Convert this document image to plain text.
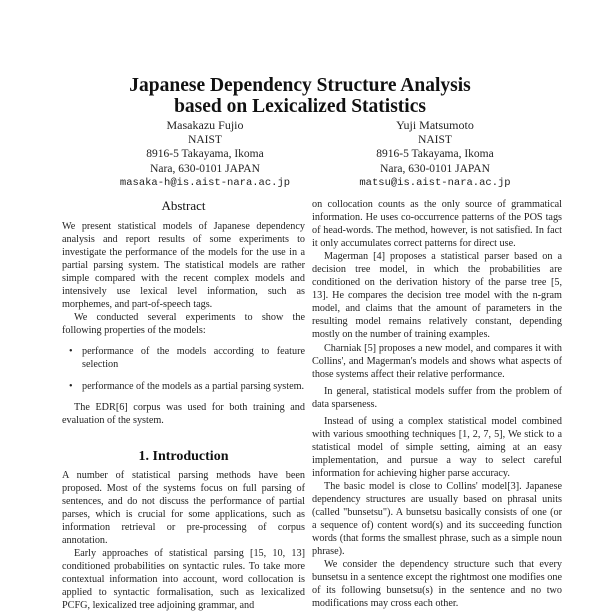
Japanese Dependency Structure Analysis
based on Lexicalized Statistics
Masakazu Fujio
NAIST
8916-5 Takayama, Ikoma
Nara, 630-0101 JAPAN
masaka-h@is.aist-nara.ac.jp
Yuji Matsumoto
NAIST
8916-5 Takayama, Ikoma
Nara, 630-0101 JAPAN
matsu@is.aist-nara.ac.jp
Abstract

We present statistical models of Japanese dependency analysis and report results of some experiments to investigate the performance of the models for the use in a partial parsing system. The statistical models are rather simple compared with the recent complex models and intensively use lexical level information, such as morphemes, and part-of-speech tags.

We conducted several experiments to show the following properties of the models:

• performance of the models according to feature selection
• performance of the models as a partial parsing system.

The EDR[6] corpus was used for both training and evaluation of the system.

1. Introduction

A number of statistical parsing methods have been proposed. Most of the systems focus on full parsing of sentences, and do not discuss the performance of partial parses, which is crucial for some applications, such as information retrieval or pre-processing of corpus annotation.

Early approaches of statistical parsing [15, 10, 13] conditioned probabilities on syntactic rules. To take more contextual information into account, word collocation is applied to syntactic formalisation, such as lexicalized PCFG, lexicalized tree adjoining grammar, and

on collocation counts as the only source of grammatical information. He uses co-occurrence patterns of the POS tags of head-words. The method, however, is not satisfied. In fact it only accumulates correct patterns for direct use.

Magerman [4] proposes a statistical parser based on a decision tree model, in which the probabilities are conditioned on the derivation history of the parse tree [5, 13]. He compares the decision tree model with the n-gram model, and claims that the amount of parameters in the resulting model remains relatively constant, depending mostly on the number of training examples.

Charniak [5] proposes a new model, and compares it with Collins', and Magerman's models and shows what aspects of those systems affect their relative performance.

In general, statistical models suffer from the problem of data sparseness.

Instead of using a complex statistical model combined with various smoothing techniques [1, 2, 7, 5], We stick to a statistical model of simple setting, aiming at an easy implementation, and pursue a way to select careful information for achieving higher parse accuracy.

The basic model is close to Collins' model[3]. Japanese dependency structures are usually based on phrasal units (called "bunsetsu"). A bunsetsu basically consists of one (or a sequence of) content word(s) and its succeeding function words (that forms the smallest phrase, such as a simple noun phrase).

We consider the dependency structure such that every bunsetsu in a sentence except the rightmost one modifies one of its following bunsetsu(s) in the sentence and no two modifications may cross each other.
